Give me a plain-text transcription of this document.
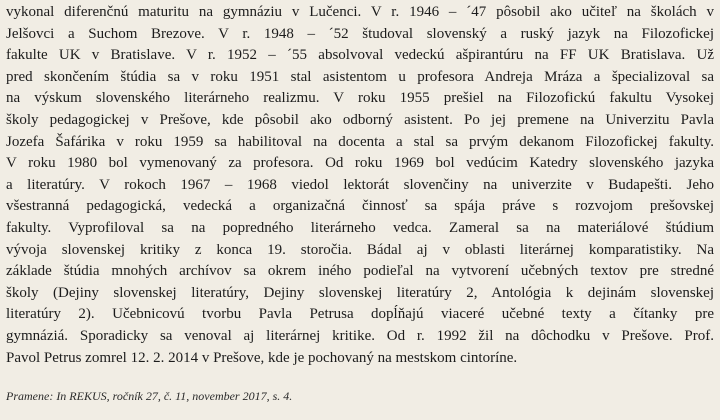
vykonal diferenčnú maturitu na gymnáziu v Lučenci. V r. 1946 – ´47 pôsobil ako učiteľ na školách v
Jelšovci a Suchom Brezove. V r. 1948 – ´52 študoval slovenský a ruský jazyk na Filozofickej
fakulte UK v Bratislave. V r. 1952 – ´55 absolvoval vedeckú ašpirantúru na FF UK Bratislava. Už
pred skončením štúdia sa v roku 1951 stal asistentom u profesora Andreja Mráza a špecializoval sa
na výskum slovenského literárneho realizmu. V roku 1955 prešiel na Filozofickú fakultu Vysokej
školy pedagogickej v Prešove, kde pôsobil ako odborný asistent. Po jej premene na Univerzitu Pavla
Jozefa Šafárika v roku 1959 sa habilitoval na docenta a stal sa prvým dekanom Filozofickej fakulty.
V roku 1980 bol vymenovaný za profesora. Od roku 1969 bol vedúcim Katedry slovenského jazyka
a literatúry. V rokoch 1967 – 1968 viedol lektorát slovenčiny na univerzite v Budapešti. Jeho
všestranná pedagogická, vedecká a organizačná činnosť sa spája práve s rozvojom prešovskej
fakulty. Vyprofiloval sa na popredného literárneho vedca. Zameral sa na materiálové štúdium
vývoja slovenskej kritiky z konca 19. storočia. Bádal aj v oblasti literárnej komparatistiky. Na
základe štúdia mnohých archívov sa okrem iného podieľal na vytvorení učebných textov pre stredné
školy (Dejiny slovenskej literatúry, Dejiny slovenskej literatúry 2, Antológia k dejinám slovenskej
literatúry 2). Učebnicovú tvorbu Pavla Petrusa dopĺňajú viaceré učebné texty a čítanky pre
gymnáziá. Sporadicky sa venoval aj literárnej kritike. Od r. 1992 žil na dôchodku v Prešove. Prof.
Pavol Petrus zomrel 12. 2. 2014 v Prešove, kde je pochovaný na mestskom cintoríne.
Pramene: In REKUS, ročník 27, č. 11, november 2017, s. 4.
